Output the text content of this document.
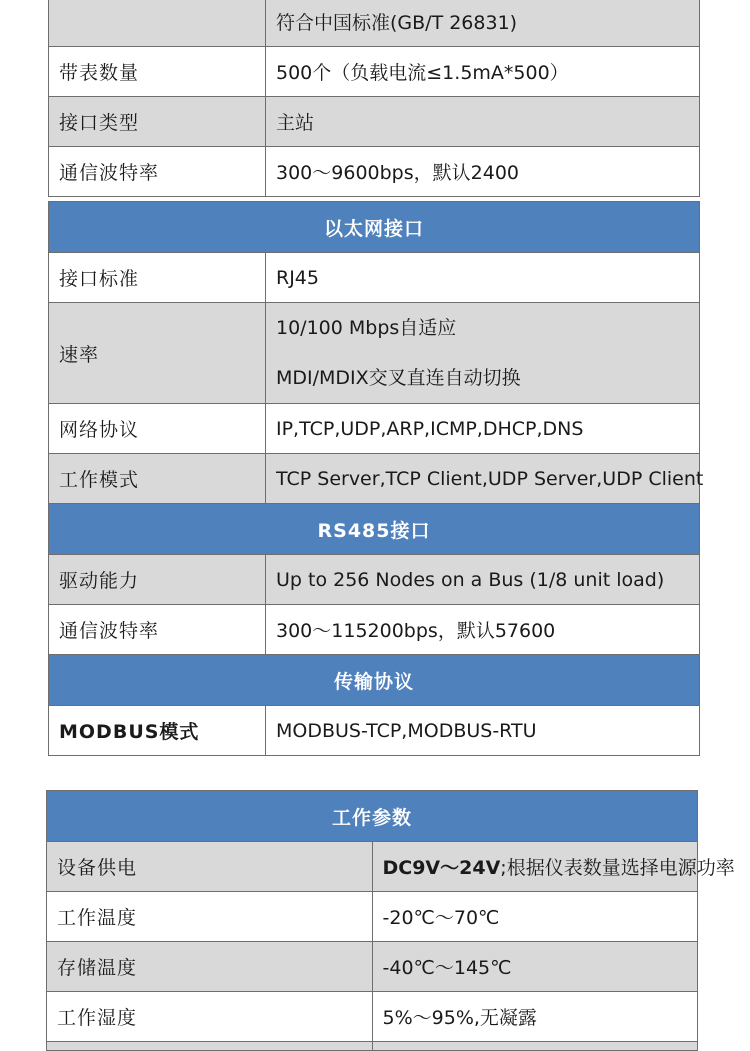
	符合中国标准(GB/T 26831)
带表数量	500个（负载电流≤1.5mA*500）
接口类型	主站
通信波特率	300～9600bps，默认2400

以太网接口	
接口标准	RJ45
速率	10/100 Mbps自适应
MDI/MDIX交叉直连自动切换

网络协议	IP,TCP,UDP,ARP,ICMP,DHCP,DNS
工作模式	TCP Server,TCP Client,UDP Server,UDP Client
RS485接口	
驱动能力	Up to 256 Nodes on a Bus (1/8 unit load)
通信波特率	300～115200bps，默认57600
传输协议	
MODBUS模式	MODBUS-TCP,MODBUS-RTU
工作参数	
设备供电	DC9V～24V;根据仪表数量选择电源功率
工作温度	-20℃～70℃
存储温度	-40℃～145℃
工作湿度	5%～95%,无凝露
